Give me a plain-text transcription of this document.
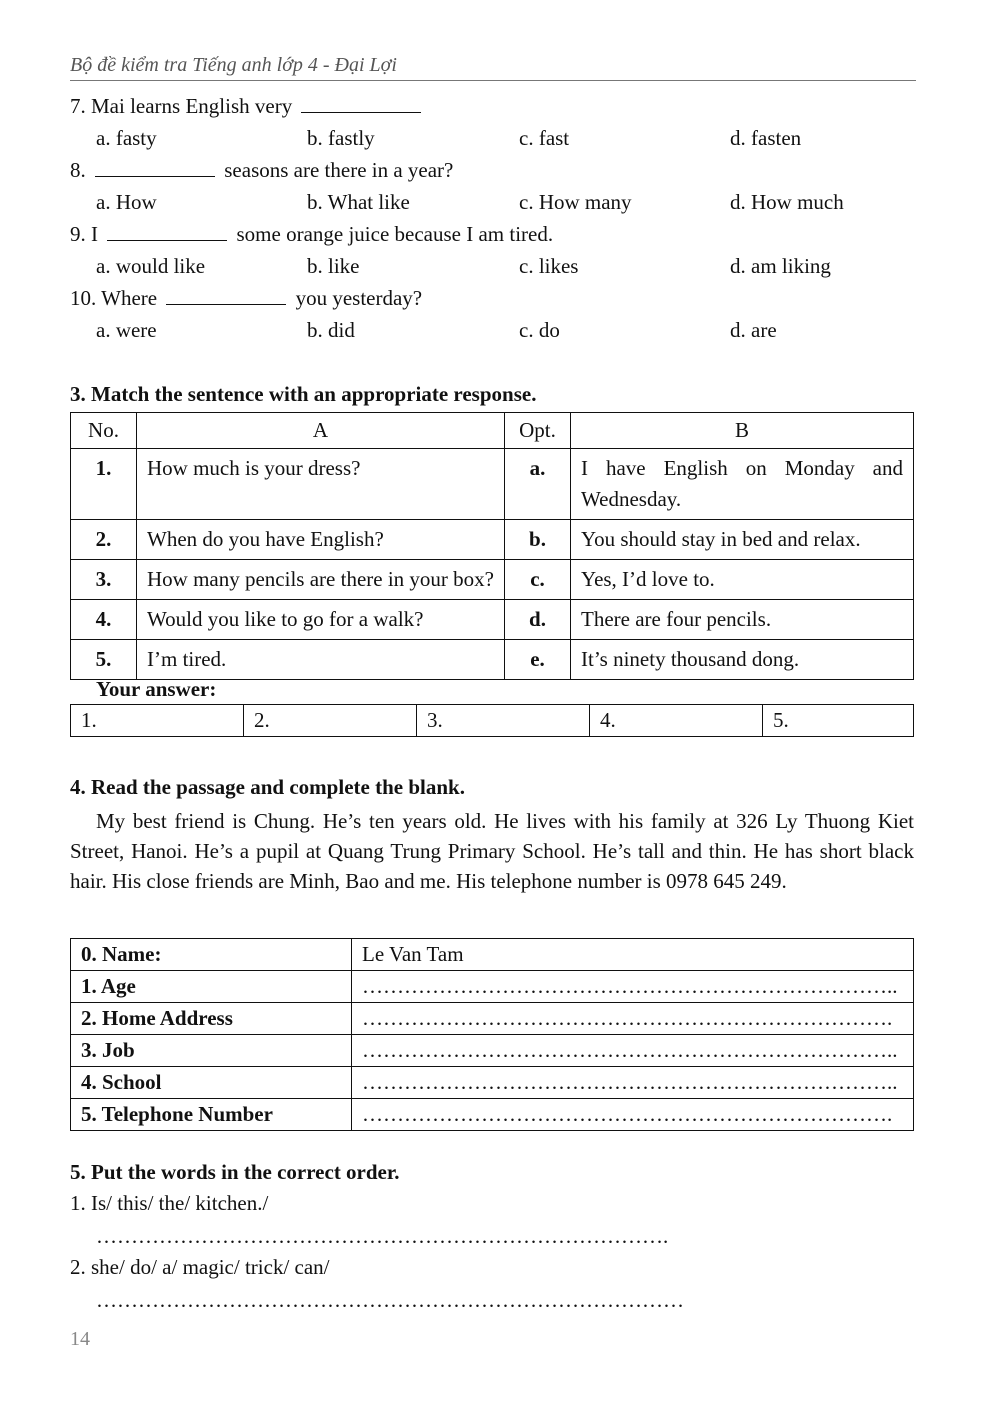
Bộ đề kiểm tra Tiếng anh lớp 4 - Đại Lợi
7. Mai learns English very
a. fasty	b. fastly	c. fast	d. fasten
8.	seasons are there in a year?
a. How	b. What like	c. How many	d. How much
9. I	some orange juice because I am tired.
a. would like	b. like	c. likes	d. am liking
10. Where	you yesterday?
a. were	b. did	c. do	d. are
3. Match the sentence with an appropriate response.
No.	A	Opt.	B
1.	How much is your dress?	a.	I have English on Monday and Wednesday.
2.	When do you have English?	b.	You should stay in bed and relax.
3.	How many pencils are there in your box?	c.	Yes, I’d love to.
4.	Would you like to go for a walk?	d.	There are four pencils.
5.	I’m tired.	e.	It’s ninety thousand dong.
Your answer:
1.	2.	3.	4.	5.
4. Read the passage and complete the blank.
My best friend is Chung. He’s ten years old. He lives with his family at 326 Ly Thuong Kiet Street, Hanoi. He’s a pupil at Quang Trung Primary School. He’s tall and thin. He has short black hair. His close friends are Minh, Bao and me. His telephone number is 0978 645 249.
0. Name:	Le Van Tam
1. Age	…………………………………………………………………..
2. Home Address	………………………………………………………………….
3. Job	…………………………………………………………………..
4. School	…………………………………………………………………..
5. Telephone Number	………………………………………………………………….
5. Put the words in the correct order.
1. Is/ this/ the/ kitchen./
……………………………………………………………………….
2. she/ do/ a/ magic/ trick/ can/
…………………………………………………………………………
14
